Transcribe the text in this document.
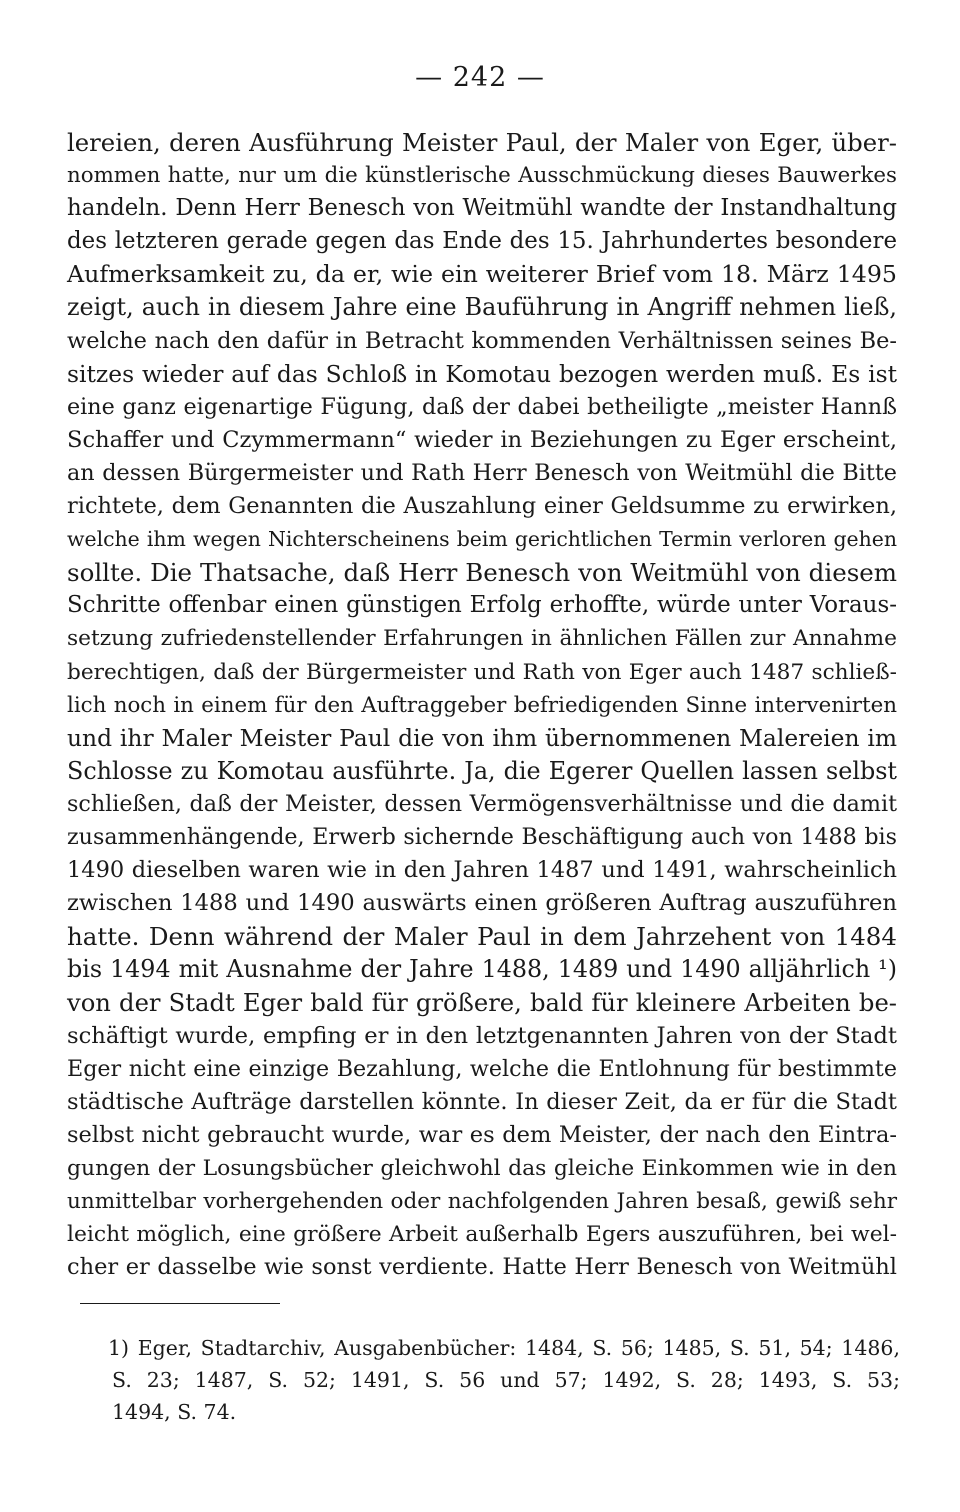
— 242 —
lereien, deren Ausführung Meister Paul, der Maler von Eger, über-
nommen hatte, nur um die künstlerische Ausschmückung dieses Bauwerkes
handeln. Denn Herr Benesch von Weitmühl wandte der Instandhaltung
des letzteren gerade gegen das Ende des 15. Jahrhundertes besondere
Aufmerksamkeit zu, da er, wie ein weiterer Brief vom 18. März 1495
zeigt, auch in diesem Jahre eine Bauführung in Angriff nehmen ließ,
welche nach den dafür in Betracht kommenden Verhältnissen seines Be-
sitzes wieder auf das Schloß in Komotau bezogen werden muß. Es ist
eine ganz eigenartige Fügung, daß der dabei betheiligte „meister Hannß
Schaffer und Czymmermann“ wieder in Beziehungen zu Eger erscheint,
an dessen Bürgermeister und Rath Herr Benesch von Weitmühl die Bitte
richtete, dem Genannten die Auszahlung einer Geldsumme zu erwirken,
welche ihm wegen Nichterscheinens beim gerichtlichen Termin verloren gehen
sollte. Die Thatsache, daß Herr Benesch von Weitmühl von diesem
Schritte offenbar einen günstigen Erfolg erhoffte, würde unter Voraus-
setzung zufriedenstellender Erfahrungen in ähnlichen Fällen zur Annahme
berechtigen, daß der Bürgermeister und Rath von Eger auch 1487 schließ-
lich noch in einem für den Auftraggeber befriedigenden Sinne intervenirten
und ihr Maler Meister Paul die von ihm übernommenen Malereien im
Schlosse zu Komotau ausführte. Ja, die Egerer Quellen lassen selbst
schließen, daß der Meister, dessen Vermögensverhältnisse und die damit
zusammenhängende, Erwerb sichernde Beschäftigung auch von 1488 bis
1490 dieselben waren wie in den Jahren 1487 und 1491, wahrscheinlich
zwischen 1488 und 1490 auswärts einen größeren Auftrag auszuführen
hatte. Denn während der Maler Paul in dem Jahrzehent von 1484
bis 1494 mit Ausnahme der Jahre 1488, 1489 und 1490 alljährlich ¹)
von der Stadt Eger bald für größere, bald für kleinere Arbeiten be-
schäftigt wurde, empfing er in den letztgenannten Jahren von der Stadt
Eger nicht eine einzige Bezahlung, welche die Entlohnung für bestimmte
städtische Aufträge darstellen könnte. In dieser Zeit, da er für die Stadt
selbst nicht gebraucht wurde, war es dem Meister, der nach den Eintra-
gungen der Losungsbücher gleichwohl das gleiche Einkommen wie in den
unmittelbar vorhergehenden oder nachfolgenden Jahren besaß, gewiß sehr
leicht möglich, eine größere Arbeit außerhalb Egers auszuführen, bei wel-
cher er dasselbe wie sonst verdiente. Hatte Herr Benesch von Weitmühl
1) Eger, Stadtarchiv, Ausgabenbücher: 1484, S. 56; 1485, S. 51, 54; 1486,
S. 23; 1487, S. 52; 1491, S. 56 und 57; 1492, S. 28; 1493, S. 53;
1494, S. 74.
